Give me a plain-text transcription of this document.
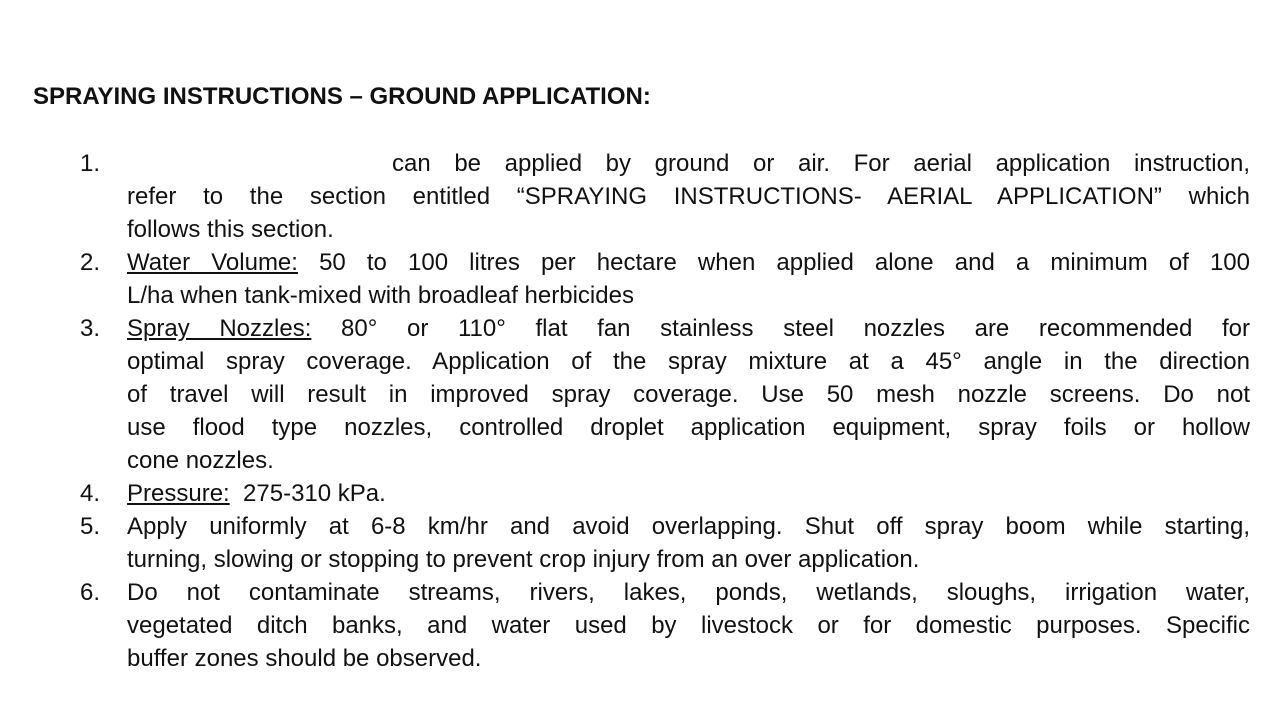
SPRAYING INSTRUCTIONS – GROUND APPLICATION:
1.	can be applied by ground or air. For aerial application instruction,
refer to the section entitled “SPRAYING INSTRUCTIONS- AERIAL APPLICATION” which
follows this section.
2. Water Volume: 50 to 100 litres per hectare when applied alone and a minimum of 100
L/ha when tank-mixed with broadleaf herbicides
3. Spray Nozzles: 80° or 110° flat fan stainless steel nozzles are recommended for
optimal spray coverage. Application of the spray mixture at a 45° angle in the direction
of travel will result in improved spray coverage. Use 50 mesh nozzle screens. Do not
use flood type nozzles, controlled droplet application equipment, spray foils or hollow
cone nozzles.
4. Pressure: 275-310 kPa.
5. Apply uniformly at 6-8 km/hr and avoid overlapping. Shut off spray boom while starting,
turning, slowing or stopping to prevent crop injury from an over application.
6. Do not contaminate streams, rivers, lakes, ponds, wetlands, sloughs, irrigation water,
vegetated ditch banks, and water used by livestock or for domestic purposes. Specific
buffer zones should be observed.
